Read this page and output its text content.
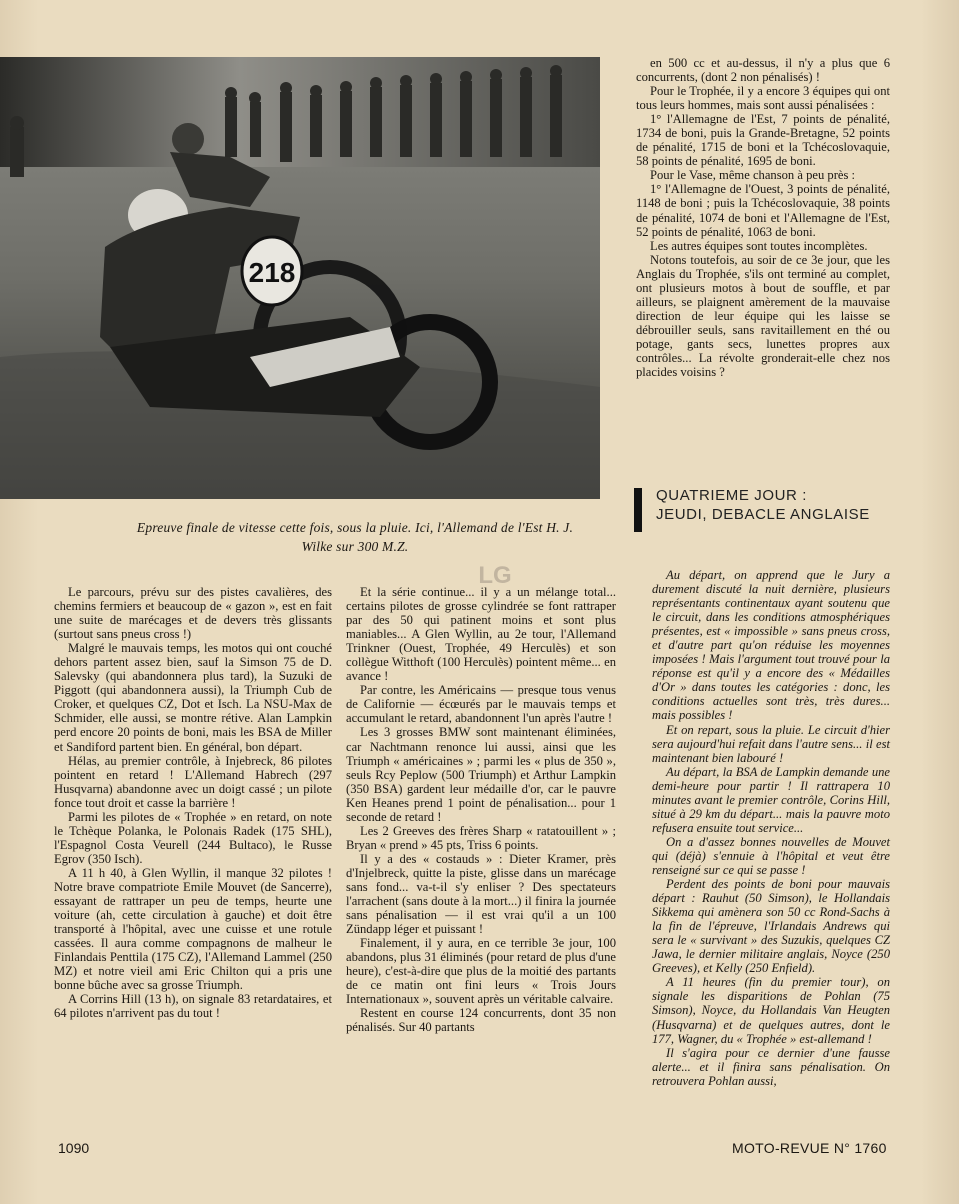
218
Epreuve finale de vitesse cette fois, sous la pluie. Ici, l'Allemand de l'Est H. J. Wilke sur 300 M.Z.
LG

Le parcours, prévu sur des pistes cavalières, des chemins fermiers et beaucoup de « gazon », est en fait une suite de marécages et de devers très glissants (surtout sans pneus cross !)

Malgré le mauvais temps, les motos qui ont couché dehors partent assez bien, sauf la Simson 75 de D. Salevsky (qui abandonnera plus tard), la Suzuki de Piggott (qui abandonnera aussi), la Triumph Cub de Croker, et quelques CZ, Dot et Isch. La NSU-Max de Schmider, elle aussi, se montre rétive. Alan Lampkin perd encore 20 points de boni, mais les BSA de Miller et Sandiford partent bien. En général, bon départ.

Hélas, au premier contrôle, à Injebreck, 86 pilotes pointent en retard ! L'Allemand Habrech (297 Husqvarna) abandonne avec un doigt cassé ; un pilote fonce tout droit et casse la barrière !

Parmi les pilotes de « Trophée » en retard, on note le Tchèque Polanka, le Polonais Radek (175 SHL), l'Espagnol Costa Veurell (244 Bultaco), le Russe Egrov (350 Isch).

A 11 h 40, à Glen Wyllin, il manque 32 pilotes ! Notre brave compatriote Emile Mouvet (de Sancerre), essayant de rattraper un peu de temps, heurte une voiture (ah, cette circulation à gauche) et doit être transporté à l'hôpital, avec une cuisse et une rotule cassées. Il aura comme compagnons de malheur le Finlandais Penttila (175 CZ), l'Allemand Lammel (250 MZ) et notre vieil ami Eric Chilton qui a pris une bonne bûche avec sa grosse Triumph.

A Corrins Hill (13 h), on signale 83 retardataires, et 64 pilotes n'arrivent pas du tout !

Et la série continue... il y a un mélange total... certains pilotes de grosse cylindrée se font rattraper par des 50 qui patinent moins et sont plus maniables... A Glen Wyllin, au 2e tour, l'Allemand Trinkner (Ouest, Trophée, 49 Herculès) et son collègue Witthoft (100 Herculès) pointent même... en avance !

Par contre, les Américains — presque tous venus de Californie — écœurés par le mauvais temps et accumulant le retard, abandonnent l'un après l'autre !

Les 3 grosses BMW sont maintenant éliminées, car Nachtmann renonce lui aussi, ainsi que les Triumph « américaines » ; parmi les « plus de 350 », seuls Rcy Peplow (500 Triumph) et Arthur Lampkin (350 BSA) gardent leur médaille d'or, car le pauvre Ken Heanes prend 1 point de pénalisation... pour 1 seconde de retard !

Les 2 Greeves des frères Sharp « ratatouillent » ; Bryan « prend » 45 pts, Triss 6 points.

Il y a des « costauds » : Dieter Kramer, près d'Injelbreck, quitte la piste, glisse dans un marécage sans fond... va-t-il s'y enliser ? Des spectateurs l'arrachent (sans doute à la mort...) il finira la journée sans pénalisation — il est vrai qu'il a un 100 Zündapp léger et puissant !

Finalement, il y aura, en ce terrible 3e jour, 100 abandons, plus 31 éliminés (pour retard de plus d'une heure), c'est-à-dire que plus de la moitié des partants de ce matin ont fini leurs « Trois Jours Internationaux », souvent après un véritable calvaire.

Restent en course 124 concurrents, dont 35 non pénalisés. Sur 40 partants

en 500 cc et au-dessus, il n'y a plus que 6 concurrents, (dont 2 non pénalisés) !

Pour le Trophée, il y a encore 3 équipes qui ont tous leurs hommes, mais sont aussi pénalisées :

1° l'Allemagne de l'Est, 7 points de pénalité, 1734 de boni, puis la Grande-Bretagne, 52 points de pénalité, 1715 de boni et la Tchécoslovaquie, 58 points de pénalité, 1695 de boni.

Pour le Vase, même chanson à peu près :

1° l'Allemagne de l'Ouest, 3 points de pénalité, 1148 de boni ; puis la Tchécoslovaquie, 38 points de pénalité, 1074 de boni et l'Allemagne de l'Est, 52 points de pénalité, 1063 de boni.

Les autres équipes sont toutes incomplètes.

Notons toutefois, au soir de ce 3e jour, que les Anglais du Trophée, s'ils ont terminé au complet, ont plusieurs motos à bout de souffle, et par ailleurs, se plaignent amèrement de la mauvaise direction de leur équipe qui les laisse se débrouiller seuls, sans ravitaillement en thé ou potage, gants secs, lunettes propres aux contrôles... La révolte gronderait-elle chez nos placides voisins ?

QUATRIEME JOUR :
JEUDI, DEBACLE ANGLAISE

Au départ, on apprend que le Jury a durement discuté la nuit dernière, plusieurs représentants continentaux ayant soutenu que le circuit, dans les conditions atmosphériques présentes, est « impossible » sans pneus cross, et d'autre part qu'on réduise les moyennes imposées ! Mais l'argument tout trouvé pour la réponse est qu'il y a encore des « Médailles d'Or » dans toutes les catégories : donc, les conditions actuelles sont très, très dures... mais possibles !

Et on repart, sous la pluie. Le circuit d'hier sera aujourd'hui refait dans l'autre sens... il est maintenant bien labouré !

Au départ, la BSA de Lampkin demande une demi-heure pour partir ! Il rattrapera 10 minutes avant le premier contrôle, Corins Hill, situé à 29 km du départ... mais la pauvre moto refusera ensuite tout service...

On a d'assez bonnes nouvelles de Mouvet qui (déjà) s'ennuie à l'hôpital et veut être renseigné sur ce qui se passe !

Perdent des points de boni pour mauvais départ : Rauhut (50 Simson), le Hollandais Sikkema qui amènera son 50 cc Rond-Sachs à la fin de l'épreuve, l'Irlandais Andrews qui sera le « survivant » des Suzukis, quelques CZ Jawa, le dernier militaire anglais, Noyce (250 Greeves), et Kelly (250 Enfield).

A 11 heures (fin du premier tour), on signale les disparitions de Pohlan (75 Simson), Noyce, du Hollandais Van Heugten (Husqvarna) et de quelques autres, dont le 177, Wagner, du « Trophée » est-allemand !

Il s'agira pour ce dernier d'une fausse alerte... et il finira sans pénalisation. On retrouvera Pohlan aussi,

1090	MOTO-REVUE N° 1760
